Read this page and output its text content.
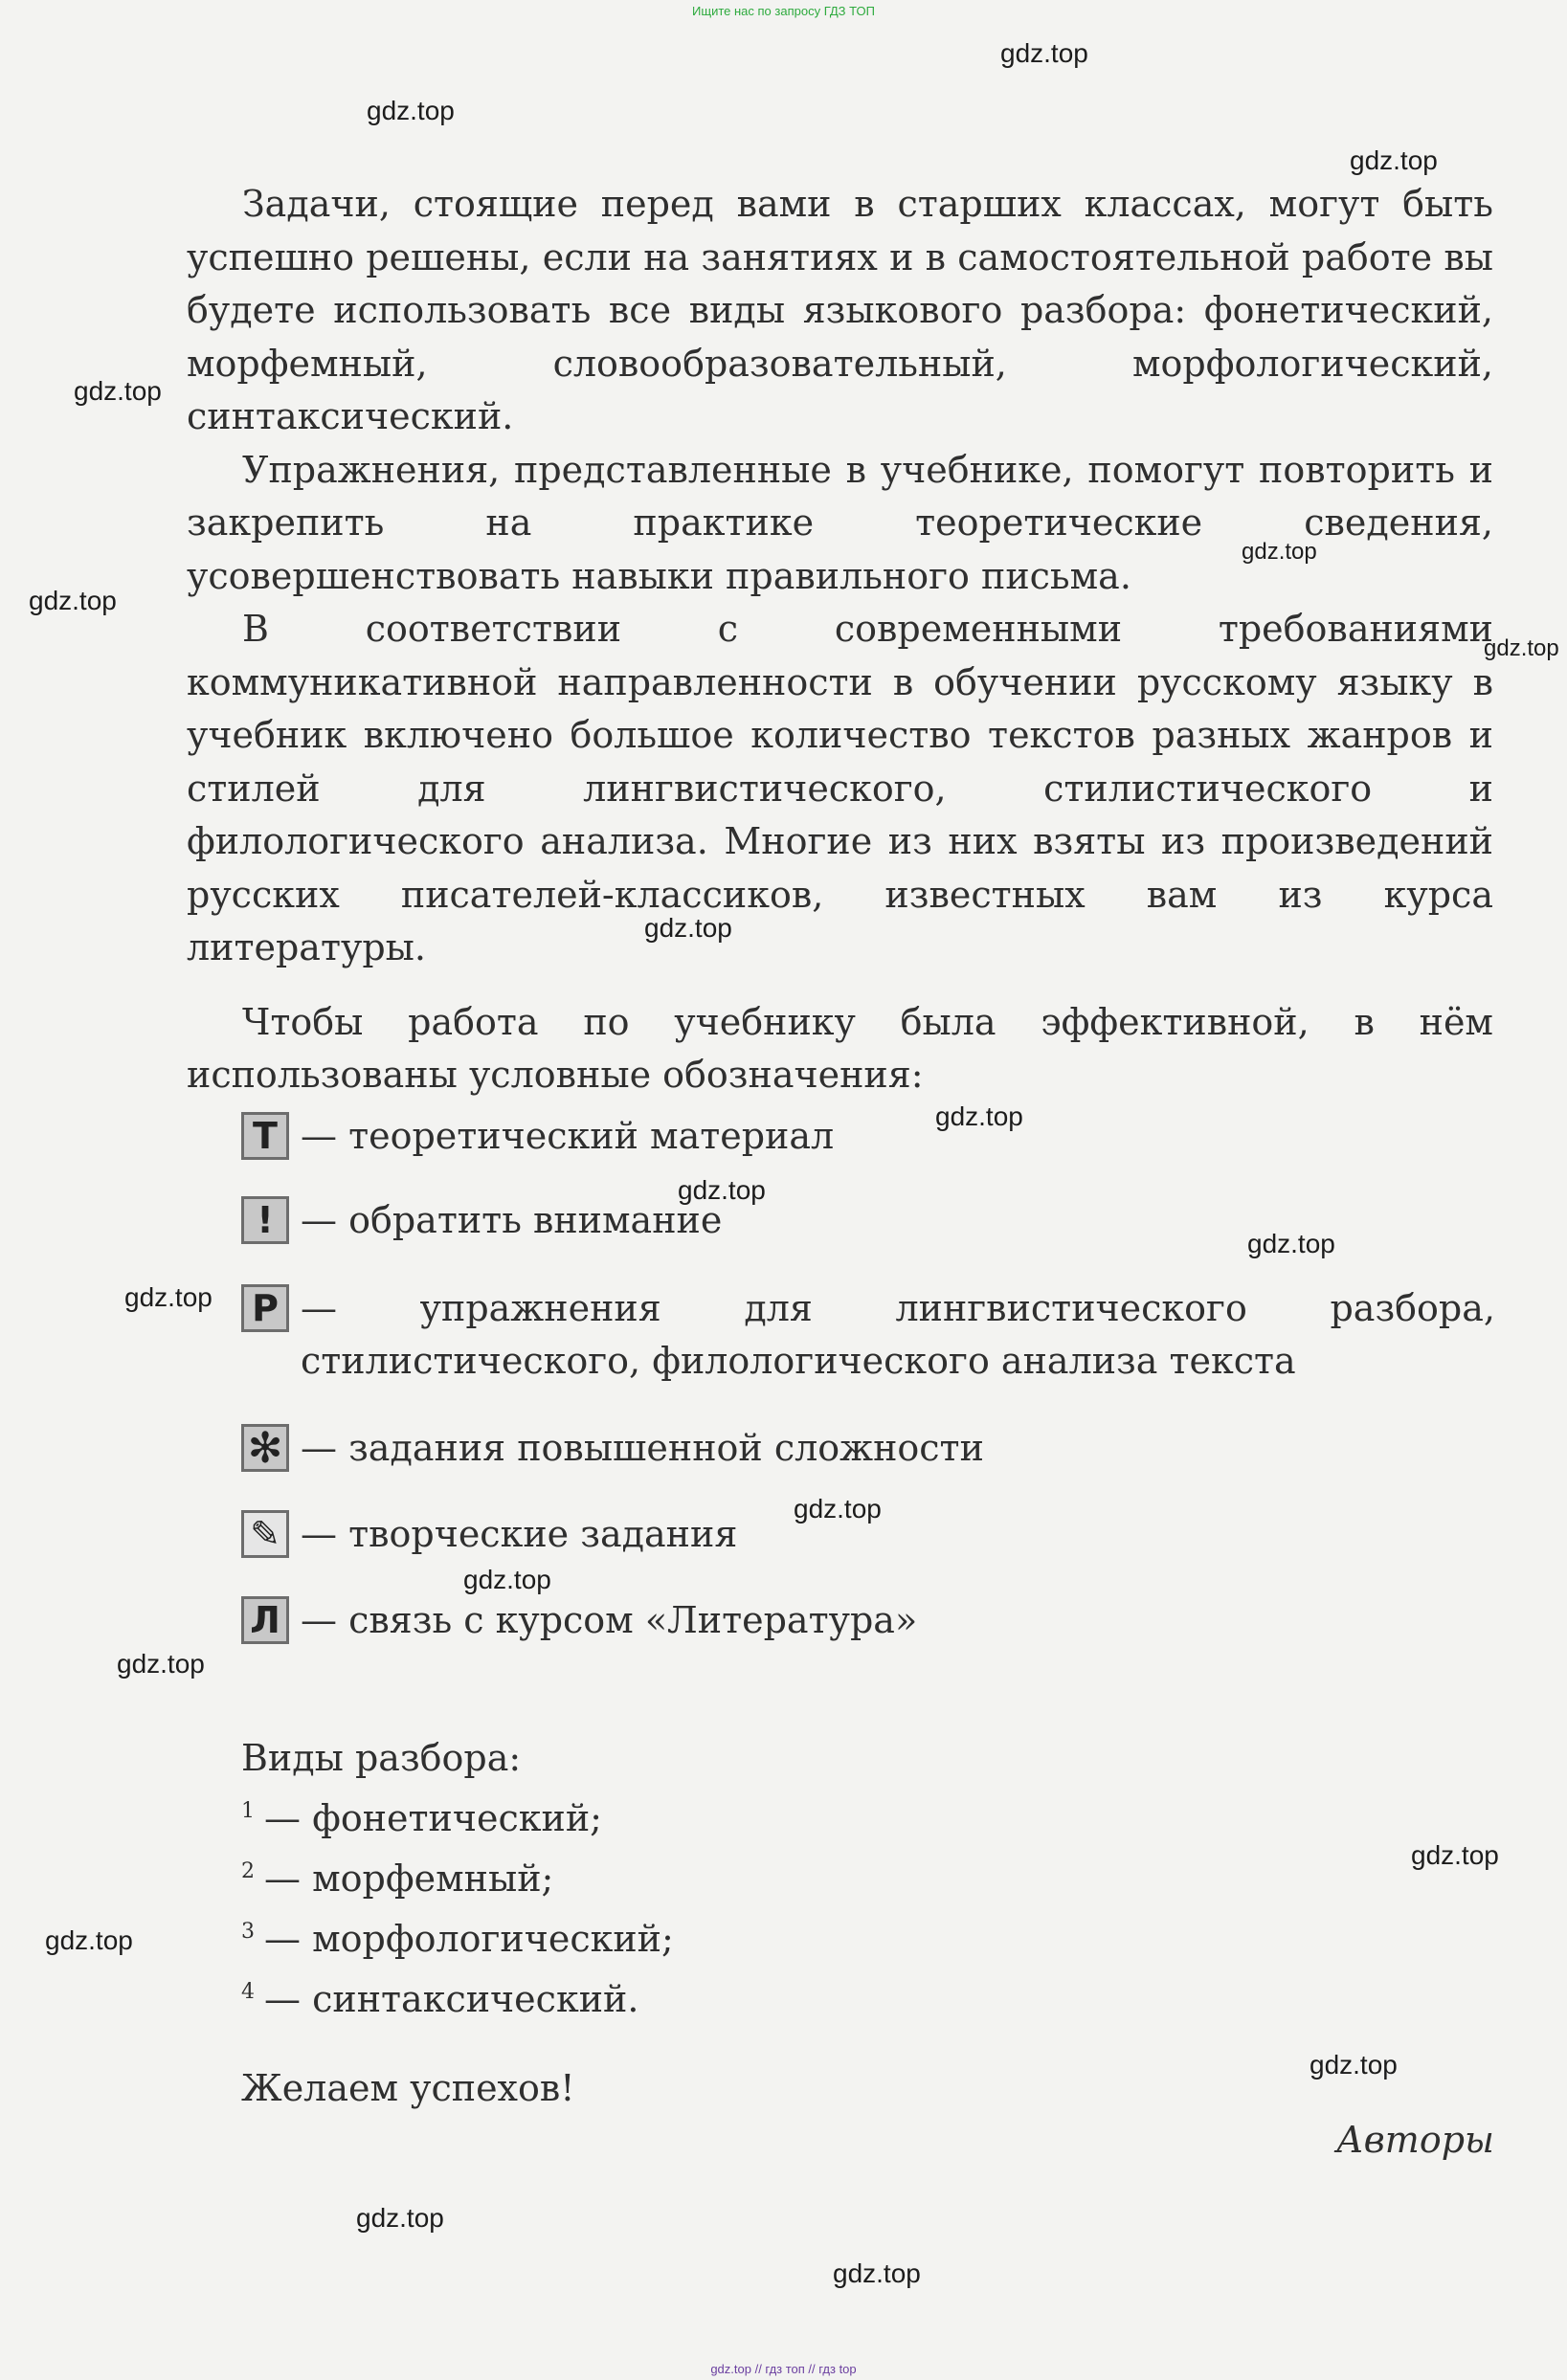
Ищите нас по запросу ГДЗ ТОП
gdz.top
gdz.top
gdz.top
gdz.top
gdz.top
gdz.top
gdz.top
gdz.top
gdz.top
gdz.top
gdz.top
gdz.top
gdz.top
gdz.top
gdz.top
gdz.top
gdz.top
gdz.top
gdz.top
gdz.top

Задачи, стоящие перед вами в старших классах, могут быть успешно решены, если на занятиях и в самостоятельной работе вы будете использовать все виды языкового разбора: фонетический, морфемный, словообразовательный, морфологический, синтаксический.

Упражнения, представленные в учебнике, помогут повторить и закрепить на практике теоретические сведения, усовершенствовать навыки правильного письма.

В соответствии с современными требованиями коммуникативной направленности в обучении русскому языку в учебник включено большое количество текстов разных жанров и стилей для лингвистического, стилистического и филологического анализа. Многие из них взяты из произведений русских писателей-классиков, известных вам из курса литературы.

Чтобы работа по учебнику была эффективной, в нём использованы условные обозначения:

Т — теоретический материал
! — обратить внимание
Р — упражнения для лингвистического разбора, стилистического, филологического анализа текста
✻ — задания повышенной сложности
✎ — творческие задания
Л — связь с курсом «Литература»
Виды разбора:
$^1$ — фонетический;
$^2$ — морфемный;
$^3$ — морфологический;
$^4$ — синтаксический.
Желаем успехов!
Авторы
gdz.top // гдз топ // гдз top
